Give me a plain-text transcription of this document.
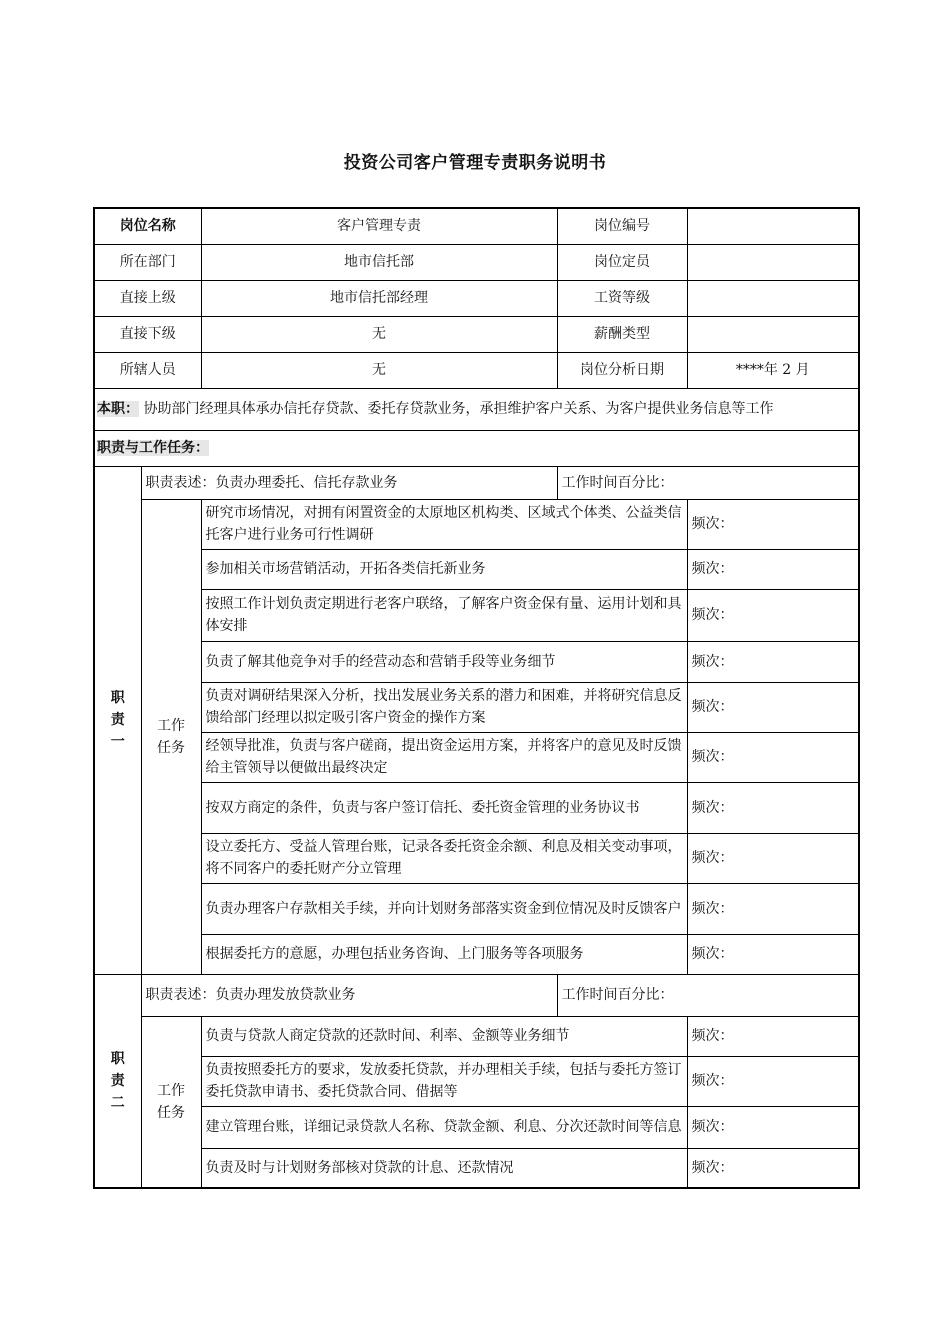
投资公司客户管理专责职务说明书
岗位名称		客户管理专责	岗位编号	
所在部门		地市信托部	岗位定员	
直接上级		地市信托部经理	工资等级	
直接下级		无	薪酬类型	
所辖人员		无	岗位分析日期	****年 2 月
本职： 协助部门经理具体承办信托存贷款、委托存贷款业务，承担维护客户关系、为客户提供业务信息等工作				
职责与工作任务：				

职
责
一	职责表述：负责办理委托、信托存款业务		工作时间百分比：	

	工作
任务	研究市场情况，对拥有闲置资金的太原地区机构类、区域式个体类、公益类信托客户进行业务可行性调研		频次：
		参加相关市场营销活动，开拓各类信托新业务		频次：
		按照工作计划负责定期进行老客户联络，了解客户资金保有量、运用计划和具体安排		频次：
		负责了解其他竞争对手的经营动态和营销手段等业务细节		频次：
		负责对调研结果深入分析，找出发展业务关系的潜力和困难，并将研究信息反馈给部门经理以拟定吸引客户资金的操作方案		频次：
		经领导批准，负责与客户磋商，提出资金运用方案，并将客户的意见及时反馈给主管领导以便做出最终决定		频次：
		按双方商定的条件，负责与客户签订信托、委托资金管理的业务协议书		频次：
		设立委托方、受益人管理台账，记录各委托资金余额、利息及相关变动事项，将不同客户的委托财产分立管理		频次：
		负责办理客户存款相关手续，并向计划财务部落实资金到位情况及时反馈客户		频次：
		根据委托方的意愿，办理包括业务咨询、上门服务等各项服务		频次：

职
责
二	职责表述：负责办理发放贷款业务		工作时间百分比：	

	工作
任务	负责与贷款人商定贷款的还款时间、利率、金额等业务细节		频次：
		负责按照委托方的要求，发放委托贷款，并办理相关手续，包括与委托方签订委托贷款申请书、委托贷款合同、借据等		频次：
		建立管理台账，详细记录贷款人名称、贷款金额、利息、分次还款时间等信息		频次：
		负责及时与计划财务部核对贷款的计息、还款情况		频次：
